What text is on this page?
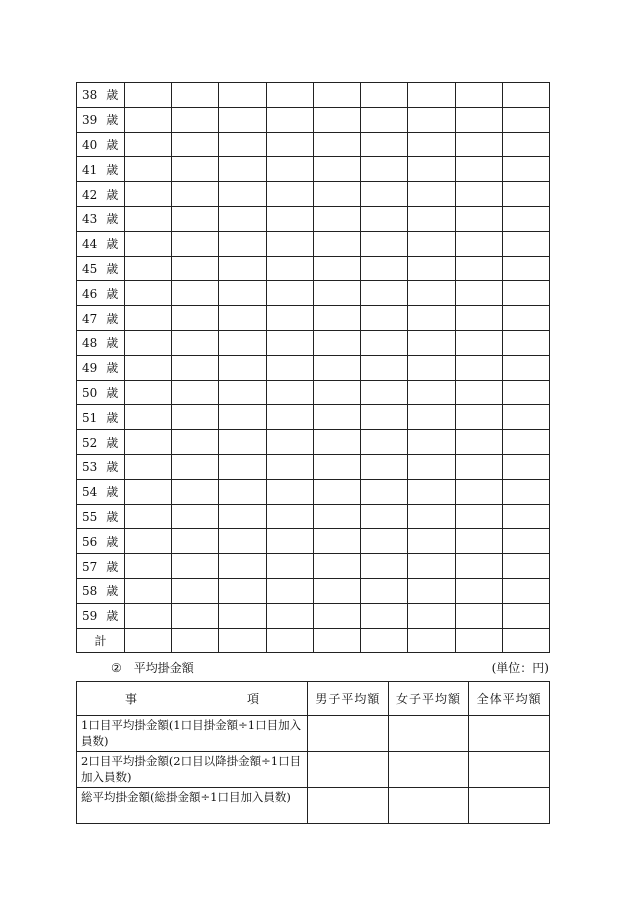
38 歳									
39 歳									
40 歳									
41 歳									
42 歳									
43 歳									
44 歳									
45 歳									
46 歳									
47 歳									
48 歳									
49 歳									
50 歳									
51 歳									
52 歳									
53 歳									
54 歳									
55 歳									
56 歳									
57 歳									
58 歳									
59 歳									
計									
② 平均掛金額	(単位：円)
事 項	男子平均額	女子平均額	全体平均額
1口目平均掛金額(1口目掛金額÷1口目加入員数)			
2口目平均掛金額(2口目以降掛金額÷1口目加入員数)			
総平均掛金額(総掛金額÷1口目加入員数)			
